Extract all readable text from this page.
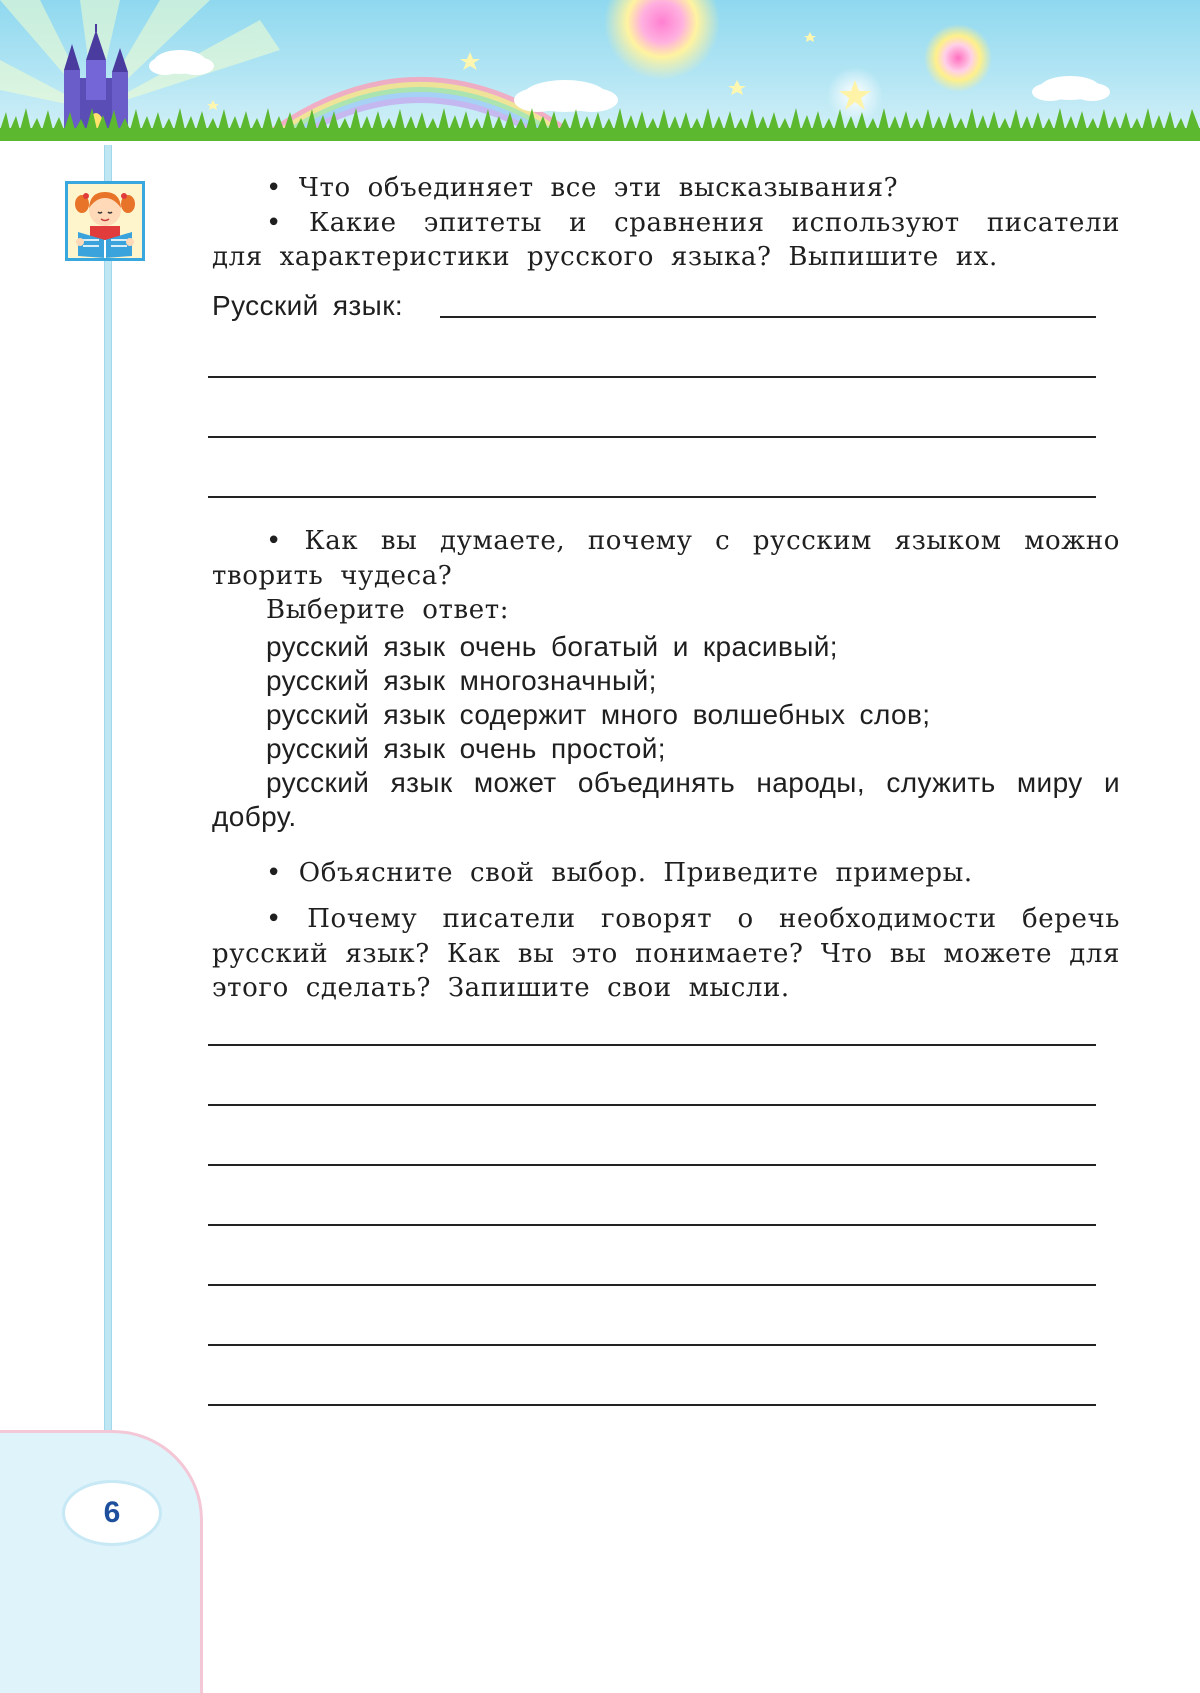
6

• Что объединяет все эти высказывания?

• Какие эпитеты и сравнения используют писатели для характеристики русского языка? Выпишите их.

Русский язык:

• Как вы думаете, почему с русским языком можно творить чудеса?

Выберите ответ:

русский язык очень богатый и красивый;

русский язык многозначный;

русский язык содержит много волшебных слов;

русский язык очень простой;

русский язык может объединять народы, служить миру и добру.

• Объясните свой выбор. Приведите примеры.

• Почему писатели говорят о необходимости беречь русский язык? Как вы это понимаете? Что вы можете для этого сделать? Запишите свои мысли.
